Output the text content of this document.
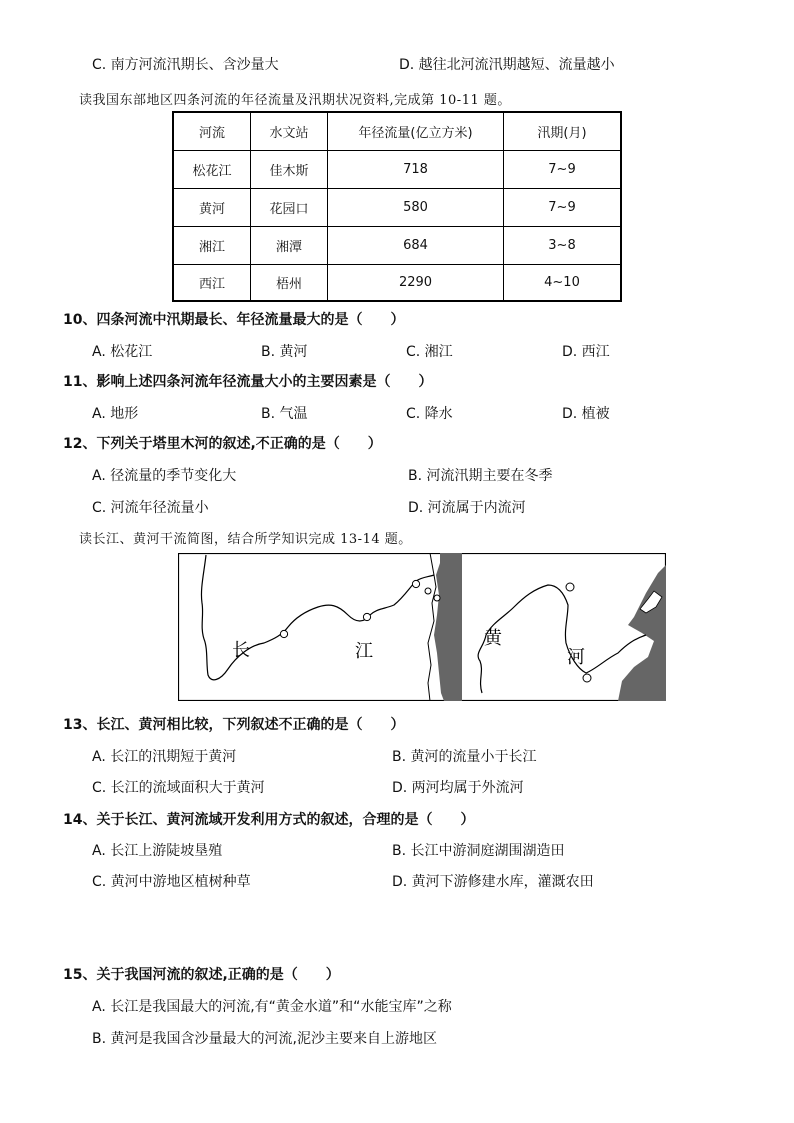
C. 南方河流汛期长、含沙量大	D. 越往北河流汛期越短、流量越小
读我国东部地区四条河流的年径流量及汛期状况资料,完成第 10-11 题。
河流	水文站	年径流量(亿立方米)	汛期(月)
松花江	佳木斯	718	7~9
黄河	花园口	580	7~9
湘江	湘潭	684	3~8
西江	梧州	2290	4~10
10、四条河流中汛期最长、年径流量最大的是（　　）
A. 松花江	B. 黄河	C. 湘江	D. 西江
11、影响上述四条河流年径流量大小的主要因素是（　　）
A. 地形	B. 气温	C. 降水	D. 植被
12、下列关于塔里木河的叙述,不正确的是（　　）
A. 径流量的季节变化大	B. 河流汛期主要在冬季
C. 河流年径流量小	D. 河流属于内流河
读长江、黄河干流简图，结合所学知识完成 13-14 题。
长	江
黄
河
13、长江、黄河相比较，下列叙述不正确的是（　　）
A. 长江的汛期短于黄河	B. 黄河的流量小于长江
C. 长江的流域面积大于黄河	D. 两河均属于外流河
14、关于长江、黄河流域开发利用方式的叙述，合理的是（　　）
A. 长江上游陡坡垦殖	B. 长江中游洞庭湖围湖造田
C. 黄河中游地区植树种草	D. 黄河下游修建水库，灌溉农田
15、关于我国河流的叙述,正确的是（　　）
A. 长江是我国最大的河流,有“黄金水道”和“水能宝库”之称
B. 黄河是我国含沙量最大的河流,泥沙主要来自上游地区
